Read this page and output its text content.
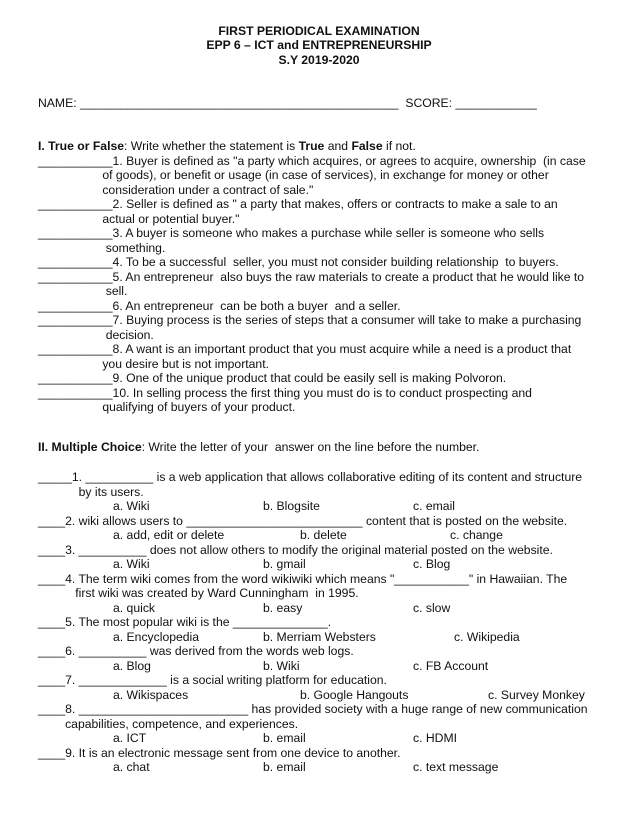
FIRST PERIODICAL EXAMINATION
EPP 6 – ICT and ENTREPRENEURSHIP
S.Y 2019-2020
NAME: _______________________________________________  SCORE: ____________
I. True or False: Write whether the statement is True and False if not.
___________1. Buyer is defined as "a party which acquires, or agrees to acquire, ownership  (in case
of goods), or benefit or usage (in case of services), in exchange for money or other
consideration under a contract of sale."
___________2. Seller is defined as " a party that makes, offers or contracts to make a sale to an
actual or potential buyer."
___________3. A buyer is someone who makes a purchase while seller is someone who sells
something.
___________4. To be a successful  seller, you must not consider building relationship  to buyers.
___________5. An entrepreneur  also buys the raw materials to create a product that he would like to
sell.
___________6. An entrepreneur  can be both a buyer  and a seller.
___________7. Buying process is the series of steps that a consumer will take to make a purchasing
decision.
___________8. A want is an important product that you must acquire while a need is a product that
you desire but is not important.
___________9. One of the unique product that could be easily sell is making Polvoron.
___________10. In selling process the first thing you must do is to conduct prospecting and
qualifying of buyers of your product.
II. Multiple Choice: Write the letter of your  answer on the line before the number.
_____1. __________ is a web application that allows collaborative editing of its content and structure
by its users.
a. Wiki	b. Blogsite	c. email
____2. wiki allows users to __________________________ content that is posted on the website.
a. add, edit or delete	b. delete	c. change
____3. __________ does not allow others to modify the original material posted on the website.
a. Wiki	b. gmail	c. Blog
____4. The term wiki comes from the word wikiwiki which means "___________" in Hawaiian. The
first wiki was created by Ward Cunningham  in 1995.
a. quick	b. easy	c. slow
____5. The most popular wiki is the ______________.
a. Encyclopedia	b. Merriam Websters	c. Wikipedia
____6. __________ was derived from the words web logs.
a. Blog	b. Wiki	c. FB Account
____7. _____________ is a social writing platform for education.
a. Wikispaces	b. Google Hangouts	c. Survey Monkey
____8. _________________________ has provided society with a huge range of new communication
capabilities, competence, and experiences.
a. ICT	b. email	c. HDMI
____9. It is an electronic message sent from one device to another.
a. chat	b. email	c. text message
